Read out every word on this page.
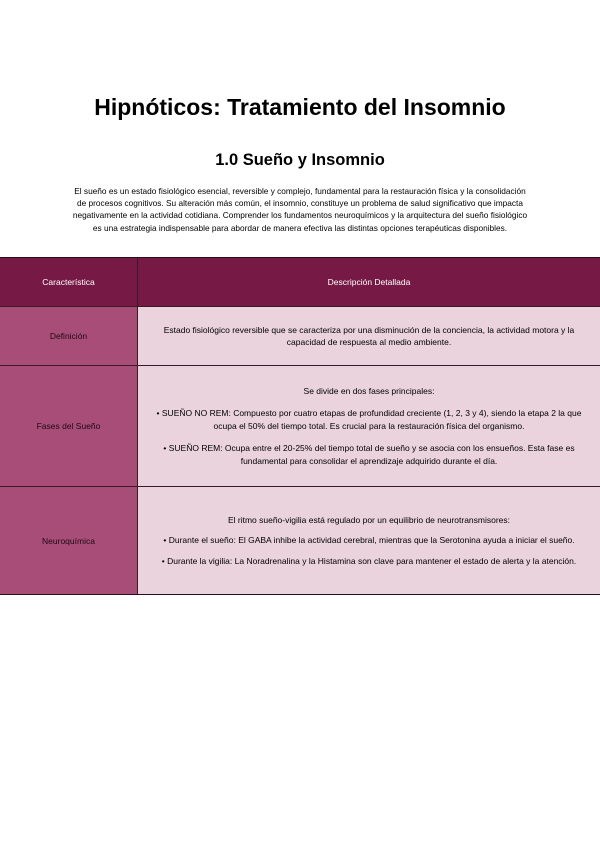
Hipnóticos: Tratamiento del Insomnio
1.0 Sueño y Insomnio
El sueño es un estado fisiológico esencial, reversible y complejo, fundamental para la restauración física y la consolidación de procesos cognitivos. Su alteración más común, el insomnio, constituye un problema de salud significativo que impacta negativamente en la actividad cotidiana. Comprender los fundamentos neuroquímicos y la arquitectura del sueño fisiológico es una estrategia indispensable para abordar de manera efectiva las distintas opciones terapéuticas disponibles.
Característica	Descripción Detallada
Definición

Estado fisiológico reversible que se caracteriza por una disminución de la conciencia, la actividad motora y la capacidad de respuesta al medio ambiente.

Fases del Sueño

Se divide en dos fases principales:

• SUEÑO NO REM: Compuesto por cuatro etapas de profundidad creciente (1, 2, 3 y 4), siendo la etapa 2 la que ocupa el 50% del tiempo total. Es crucial para la restauración física del organismo.

• SUEÑO REM: Ocupa entre el 20-25% del tiempo total de sueño y se asocia con los ensueños. Esta fase es fundamental para consolidar el aprendizaje adquirido durante el día.

Neuroquímica

El ritmo sueño-vigilia está regulado por un equilibrio de neurotransmisores:

• Durante el sueño: El GABA inhibe la actividad cerebral, mientras que la Serotonina ayuda a iniciar el sueño.

• Durante la vigilia: La Noradrenalina y la Histamina son clave para mantener el estado de alerta y la atención.
